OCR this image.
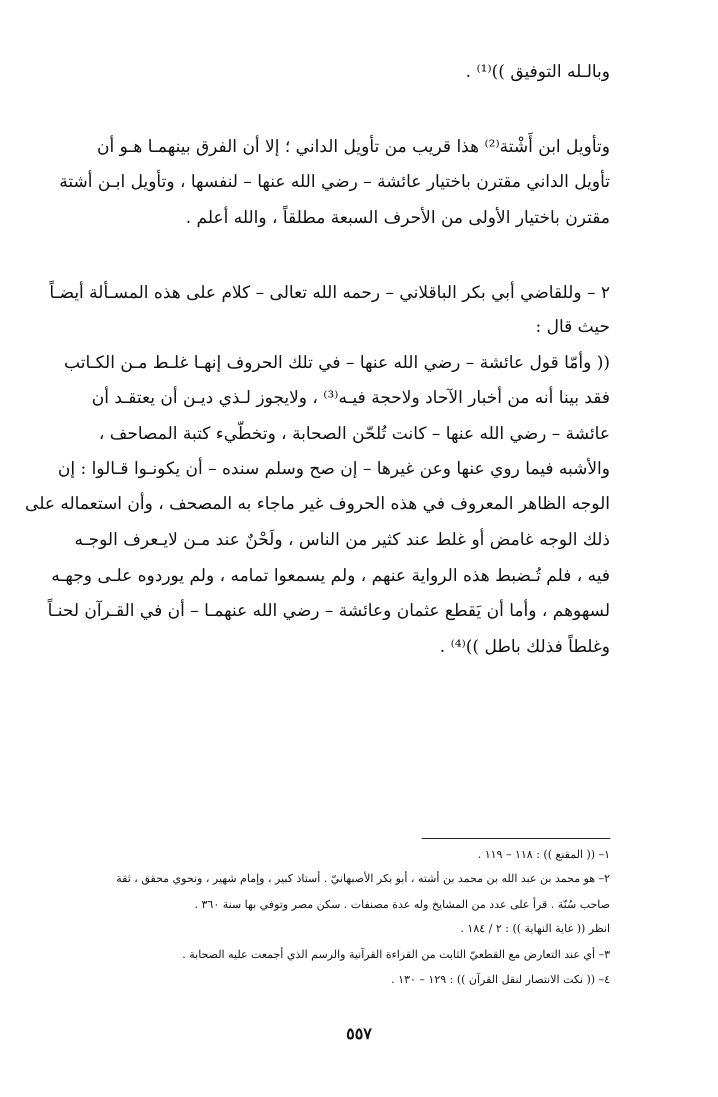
وبالـله التوفيق ))⁽¹⁾ .
وتأويل ابن أَشْتة⁽²⁾ هذا قريب من تأويل الداني ؛ إلا أن الفرق بينهمـا هـو أن
تأويل الداني مقترن باختيار عائشة – رضي الله عنها – لنفسها ، وتأويل ابـن أشتة
مقترن باختيار الأولى من الأحرف السبعة مطلقاً ، والله أعلم .
٢ – وللقاضي أبي بكر الباقلاني – رحمه الله تعالى – كلام على هذه المسـألة أيضـاً
حيث قال :
(( وأمّا قول عائشة – رضي الله عنها – في تلك الحروف إنهـا غلـط مـن الكـاتب
فقد بينا أنه من أخبار الآحاد ولاحجة فيـه⁽³⁾ ، ولايجوز لـذي ديـن أن يعتقـد أن
عائشة – رضي الله عنها – كانت تُلحّن الصحابة ، وتخطّيء كتبة المصاحف ،
والأشبه فيما روي عنها وعن غيرها – إن صح وسلم سنده – أن يكونـوا قـالوا : إن
الوجه الظاهر المعروف في هذه الحروف غير ماجاء به المصحف ، وأن استعماله على
ذلك الوجه غامض أو غلط عند كثير من الناس ، ولَحْنٌ عند مـن لايـعرف الوجـه
فيه ، فلم تُـضبط هذه الرواية عنهم ، ولم يسمعوا تمامه ، ولم يوردوه علـى وجهـه
لسهوهم ، وأما أن يَقطع عثمان وعائشة – رضي الله عنهمـا – أن في القـرآن لحنـاً
وغلطاً فذلك باطل ))⁽⁴⁾ .
١– (( المقنع )) : ١١٨ – ١١٩ .
٢– هو محمد بن عبد الله بن محمد بن أشته ، أبو بكر الأصبهانيّ . أستاذ كبير ، وإمام شهير ، ونحوي محقق ، ثقة
صاحب سُنّة . قرأ على عدد من المشايخ وله عدة مصنفات . سكن مصر وتوفي بها سنة ٣٦٠ .
انظر (( غاية النهاية )) : ٢ / ١٨٤ .
٣– أي عند التعارض مع القطعيّ الثابت من القراءة القرآنية والرسم الذي أجمعت عليه الصحابة .
٤– (( نكت الانتصار لنقل القرآن )) : ١٢٩ – ١٣٠ .
٥٥٧
